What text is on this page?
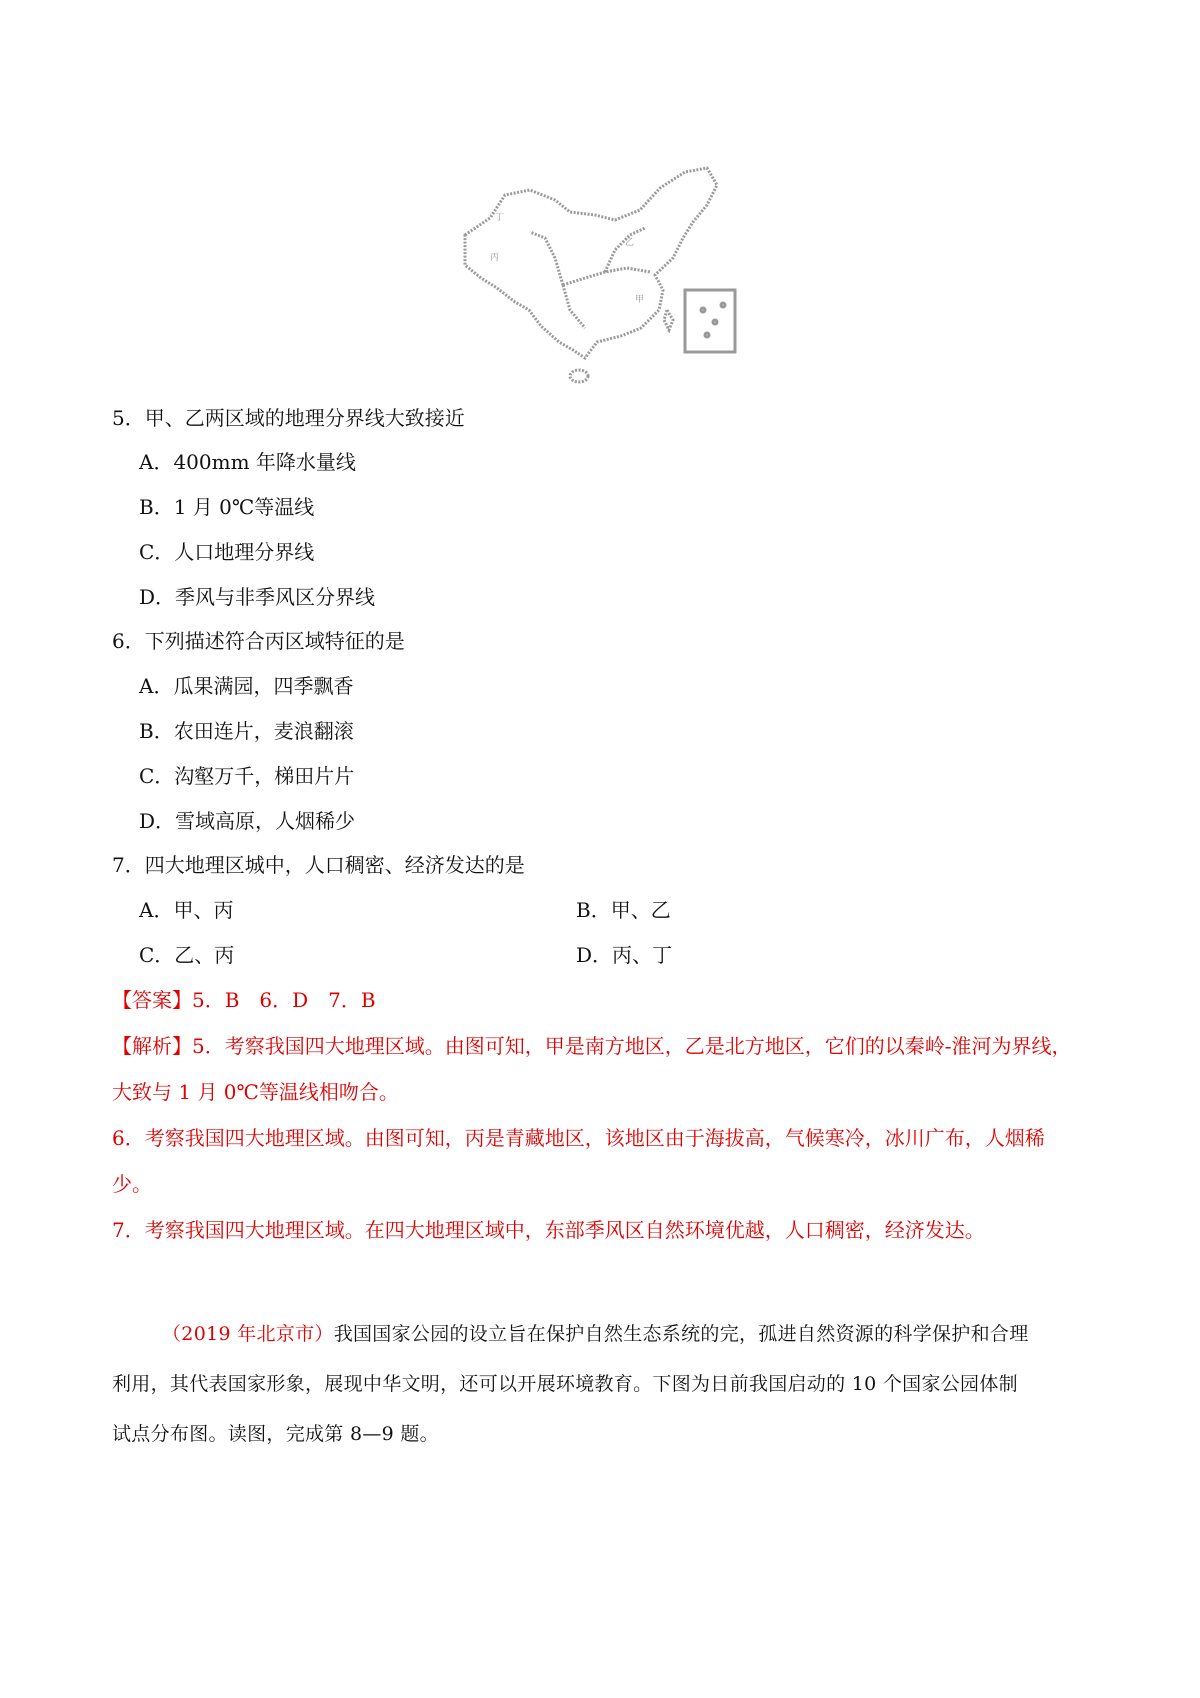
甲
乙
丙
丁
5．甲、乙两区域的地理分界线大致接近
A．400mm 年降水量线
B．1 月 0℃等温线
C．人口地理分界线
D．季风与非季风区分界线
6．下列描述符合丙区域特征的是
A．瓜果满园，四季飘香
B．农田连片，麦浪翻滚
C．沟壑万千，梯田片片
D．雪域高原，人烟稀少
7．四大地理区城中，人口稠密、经济发达的是
A．甲、丙	B．甲、乙
C．乙、丙	D．丙、丁
【答案】5．B　6．D　7．B
【解析】5．考察我国四大地理区域。由图可知，甲是南方地区，乙是北方地区，它们的以秦岭-淮河为界线，
大致与 1 月 0℃等温线相吻合。
6．考察我国四大地理区域。由图可知，丙是青藏地区，该地区由于海拔高，气候寒冷，冰川广布，人烟稀
少。
7．考察我国四大地理区域。在四大地理区域中，东部季风区自然环境优越，人口稠密，经济发达。
（2019 年北京市）我国国家公园的设立旨在保护自然生态系统的完，孤进自然资源的科学保护和合理
利用，其代表国家形象，展现中华文明，还可以开展环境教育。下图为日前我国启动的 10 个国家公园体制
试点分布图。读图，完成第 8—9 题。
